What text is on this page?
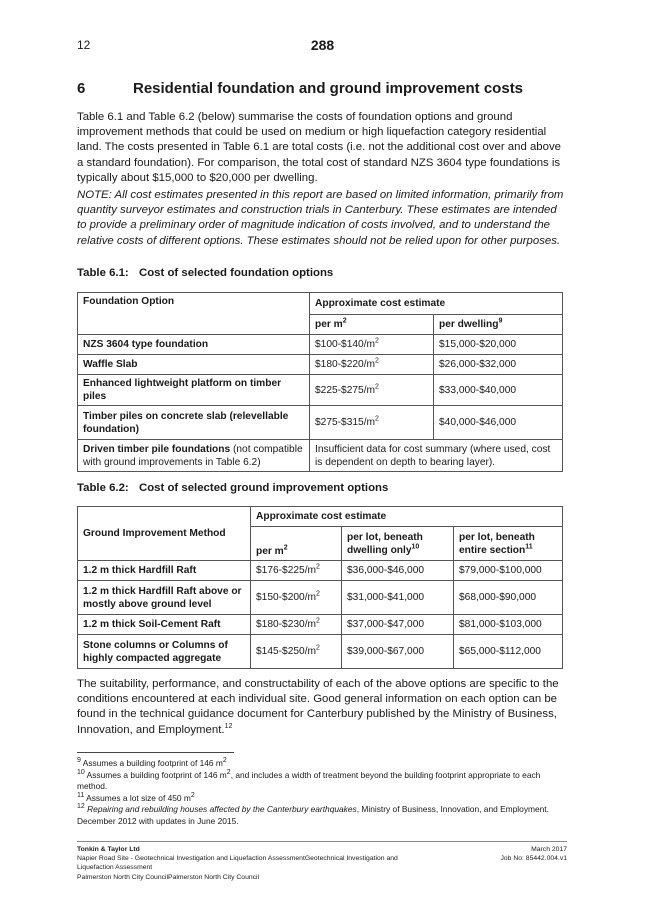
12	288
6	Residential foundation and ground improvement costs
Table 6.1 and Table 6.2 (below) summarise the costs of foundation options and ground improvement methods that could be used on medium or high liquefaction category residential land. The costs presented in Table 6.1 are total costs (i.e. not the additional cost over and above a standard foundation). For comparison, the total cost of standard NZS 3604 type foundations is typically about $15,000 to $20,000 per dwelling.
NOTE: All cost estimates presented in this report are based on limited information, primarily from quantity surveyor estimates and construction trials in Canterbury. These estimates are intended to provide a preliminary order of magnitude indication of costs involved, and to understand the relative costs of different options. These estimates should not be relied upon for other purposes.
Table 6.1: Cost of selected foundation options
Foundation Option	Approximate cost estimate	
	per $m^2$	per dwelling$^9$
NZS 3604 type foundation	$\$100-\$140/m^2$	$15,000-$20,000
Waffle Slab	$\$180-\$220/m^2$	$26,000-$32,000
Enhanced lightweight platform on timber piles	$\$225-\$275/m^2$	$33,000-$40,000
Timber piles on concrete slab (relevellable foundation)	$\$275-\$315/m^2$	$40,000-$46,000
Driven timber pile foundations (not compatible with ground improvements in Table 6.2)	Insufficient data for cost summary (where used, cost is dependent on depth to bearing layer).	
Table 6.2: Cost of selected ground improvement options
Ground Improvement Method	Approximate cost estimate		
	per $m^2$	per lot, beneath dwelling only$^{10}$	per lot, beneath entire section$^{11}$
1.2 m thick Hardfill Raft	$\$176-\$225/m^2$	$36,000-$46,000	$79,000-$100,000
1.2 m thick Hardfill Raft above or mostly above ground level	$\$150-\$200/m^2$	$31,000-$41,000	$68,000-$90,000
1.2 m thick Soil-Cement Raft	$\$180-\$230/m^2$	$37,000-$47,000	$81,000-$103,000
Stone columns or Columns of highly compacted aggregate	$\$145-\$250/m^2$	$39,000-$67,000	$65,000-$112,000
The suitability, performance, and constructability of each of the above options are specific to the conditions encountered at each individual site. Good general information on each option can be found in the technical guidance document for Canterbury published by the Ministry of Business, Innovation, and Employment.$^{12}$
$^9$ Assumes a building footprint of 146 $m^2$
$^{10}$ Assumes a building footprint of 146 $m^2$, and includes a width of treatment beyond the building footprint appropriate to each method.
$^{11}$ Assumes a lot size of 450 $m^2$
$^{12}$ Repairing and rebuilding houses affected by the Canterbury earthquakes, Ministry of Business, Innovation, and Employment. December 2012 with updates in June 2015.
Tonkin & Taylor Ltd
Napier Road Site - Geotechnical Investigation and Liquefaction AssessmentGeotechnical Investigation and Liquefaction Assessment
Palmerston North City CouncilPalmerston North City Council
March 2017
Job No: 85442.004.v1
